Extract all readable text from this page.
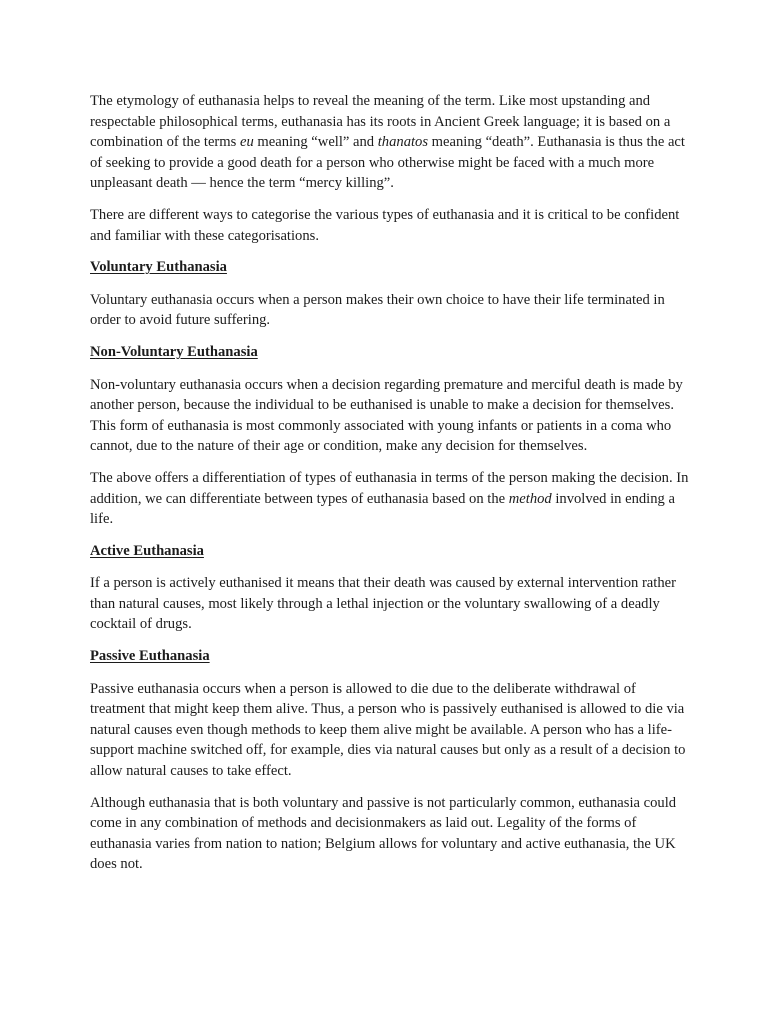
The etymology of euthanasia helps to reveal the meaning of the term. Like most upstanding and respectable philosophical terms, euthanasia has its roots in Ancient Greek language; it is based on a combination of the terms eu meaning “well” and thanatos meaning “death”. Euthanasia is thus the act of seeking to provide a good death for a person who otherwise might be faced with a much more unpleasant death — hence the term “mercy killing”.

There are different ways to categorise the various types of euthanasia and it is critical to be confident and familiar with these categorisations.

Voluntary Euthanasia

Voluntary euthanasia occurs when a person makes their own choice to have their life terminated in order to avoid future suffering.

Non-Voluntary Euthanasia

Non-voluntary euthanasia occurs when a decision regarding premature and merciful death is made by another person, because the individual to be euthanised is unable to make a decision for themselves. This form of euthanasia is most commonly associated with young infants or patients in a coma who cannot, due to the nature of their age or condition, make any decision for themselves.

The above offers a differentiation of types of euthanasia in terms of the person making the decision. In addition, we can differentiate between types of euthanasia based on the method involved in ending a life.

Active Euthanasia

If a person is actively euthanised it means that their death was caused by external intervention rather than natural causes, most likely through a lethal injection or the voluntary swallowing of a deadly cocktail of drugs.

Passive Euthanasia

Passive euthanasia occurs when a person is allowed to die due to the deliberate withdrawal of treatment that might keep them alive. Thus, a person who is passively euthanised is allowed to die via natural causes even though methods to keep them alive might be available. A person who has a life-support machine switched off, for example, dies via natural causes but only as a result of a decision to allow natural causes to take effect.

Although euthanasia that is both voluntary and passive is not particularly common, euthanasia could come in any combination of methods and decisionmakers as laid out. Legality of the forms of euthanasia varies from nation to nation; Belgium allows for voluntary and active euthanasia, the UK does not.
